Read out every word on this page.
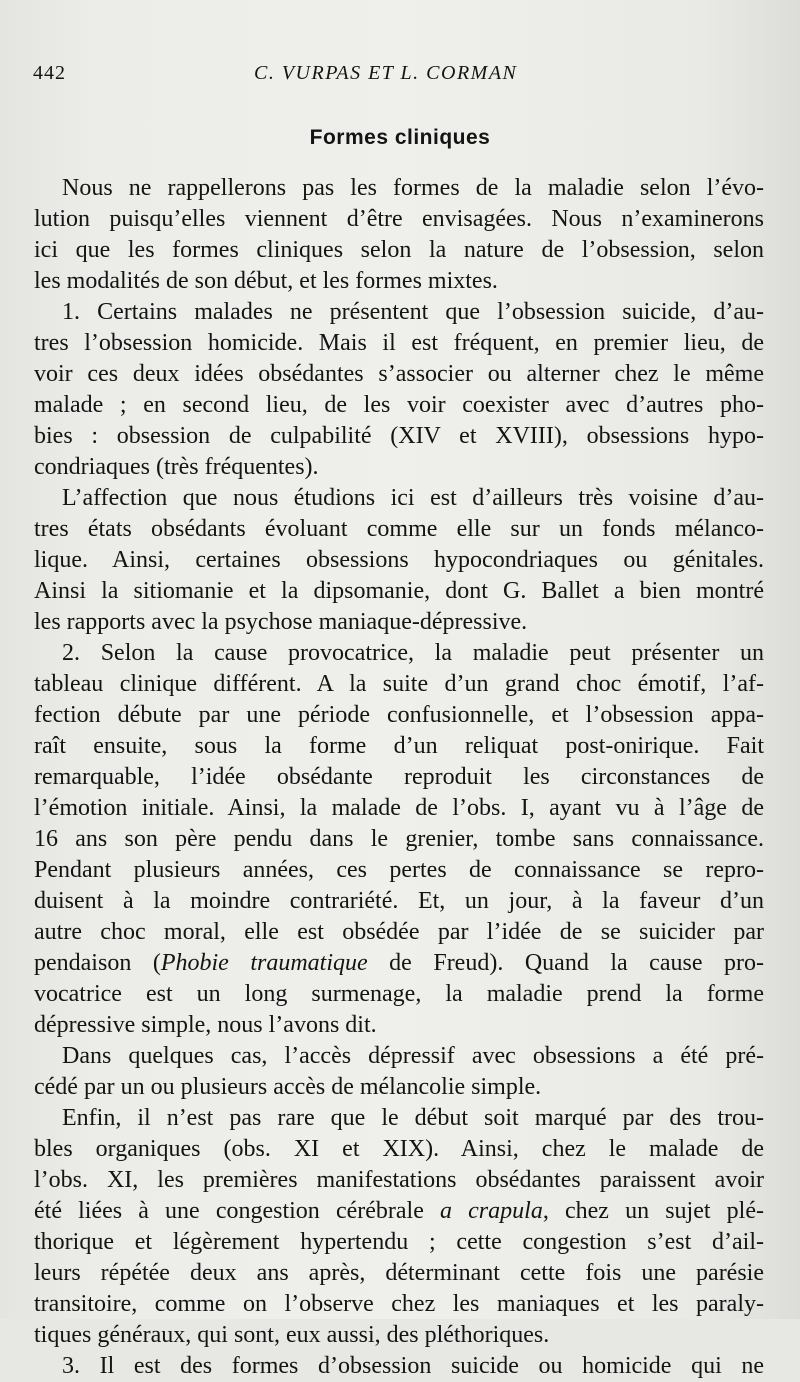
442	C. VURPAS ET L. CORMAN
Formes cliniques
Nous ne rappellerons pas les formes de la maladie selon l’évo-
lution puisqu’elles viennent d’être envisagées. Nous n’examinerons
ici que les formes cliniques selon la nature de l’obsession, selon
les modalités de son début, et les formes mixtes.
1. Certains malades ne présentent que l’obsession suicide, d’au-
tres l’obsession homicide. Mais il est fréquent, en premier lieu, de
voir ces deux idées obsédantes s’associer ou alterner chez le même
malade ; en second lieu, de les voir coexister avec d’autres pho-
bies : obsession de culpabilité (XIV et XVIII), obsessions hypo-
condriaques (très fréquentes).
L’affection que nous étudions ici est d’ailleurs très voisine d’au-
tres états obsédants évoluant comme elle sur un fonds mélanco-
lique. Ainsi, certaines obsessions hypocondriaques ou génitales.
Ainsi la sitiomanie et la dipsomanie, dont G. Ballet a bien montré
les rapports avec la psychose maniaque-dépressive.
2. Selon la cause provocatrice, la maladie peut présenter un
tableau clinique différent. A la suite d’un grand choc émotif, l’af-
fection débute par une période confusionnelle, et l’obsession appa-
raît ensuite, sous la forme d’un reliquat post-onirique. Fait
remarquable, l’idée obsédante reproduit les circonstances de
l’émotion initiale. Ainsi, la malade de l’obs. I, ayant vu à l’âge de
16 ans son père pendu dans le grenier, tombe sans connaissance.
Pendant plusieurs années, ces pertes de connaissance se repro-
duisent à la moindre contrariété. Et, un jour, à la faveur d’un
autre choc moral, elle est obsédée par l’idée de se suicider par
pendaison (Phobie traumatique de Freud). Quand la cause pro-
vocatrice est un long surmenage, la maladie prend la forme
dépressive simple, nous l’avons dit.
Dans quelques cas, l’accès dépressif avec obsessions a été pré-
cédé par un ou plusieurs accès de mélancolie simple.
Enfin, il n’est pas rare que le début soit marqué par des trou-
bles organiques (obs. XI et XIX). Ainsi, chez le malade de
l’obs. XI, les premières manifestations obsédantes paraissent avoir
été liées à une congestion cérébrale a crapula, chez un sujet plé-
thorique et légèrement hypertendu ; cette congestion s’est d’ail-
leurs répétée deux ans après, déterminant cette fois une parésie
transitoire, comme on l’observe chez les maniaques et les paraly-
tiques généraux, qui sont, eux aussi, des pléthoriques.
3. Il est des formes d’obsession suicide ou homicide qui ne
